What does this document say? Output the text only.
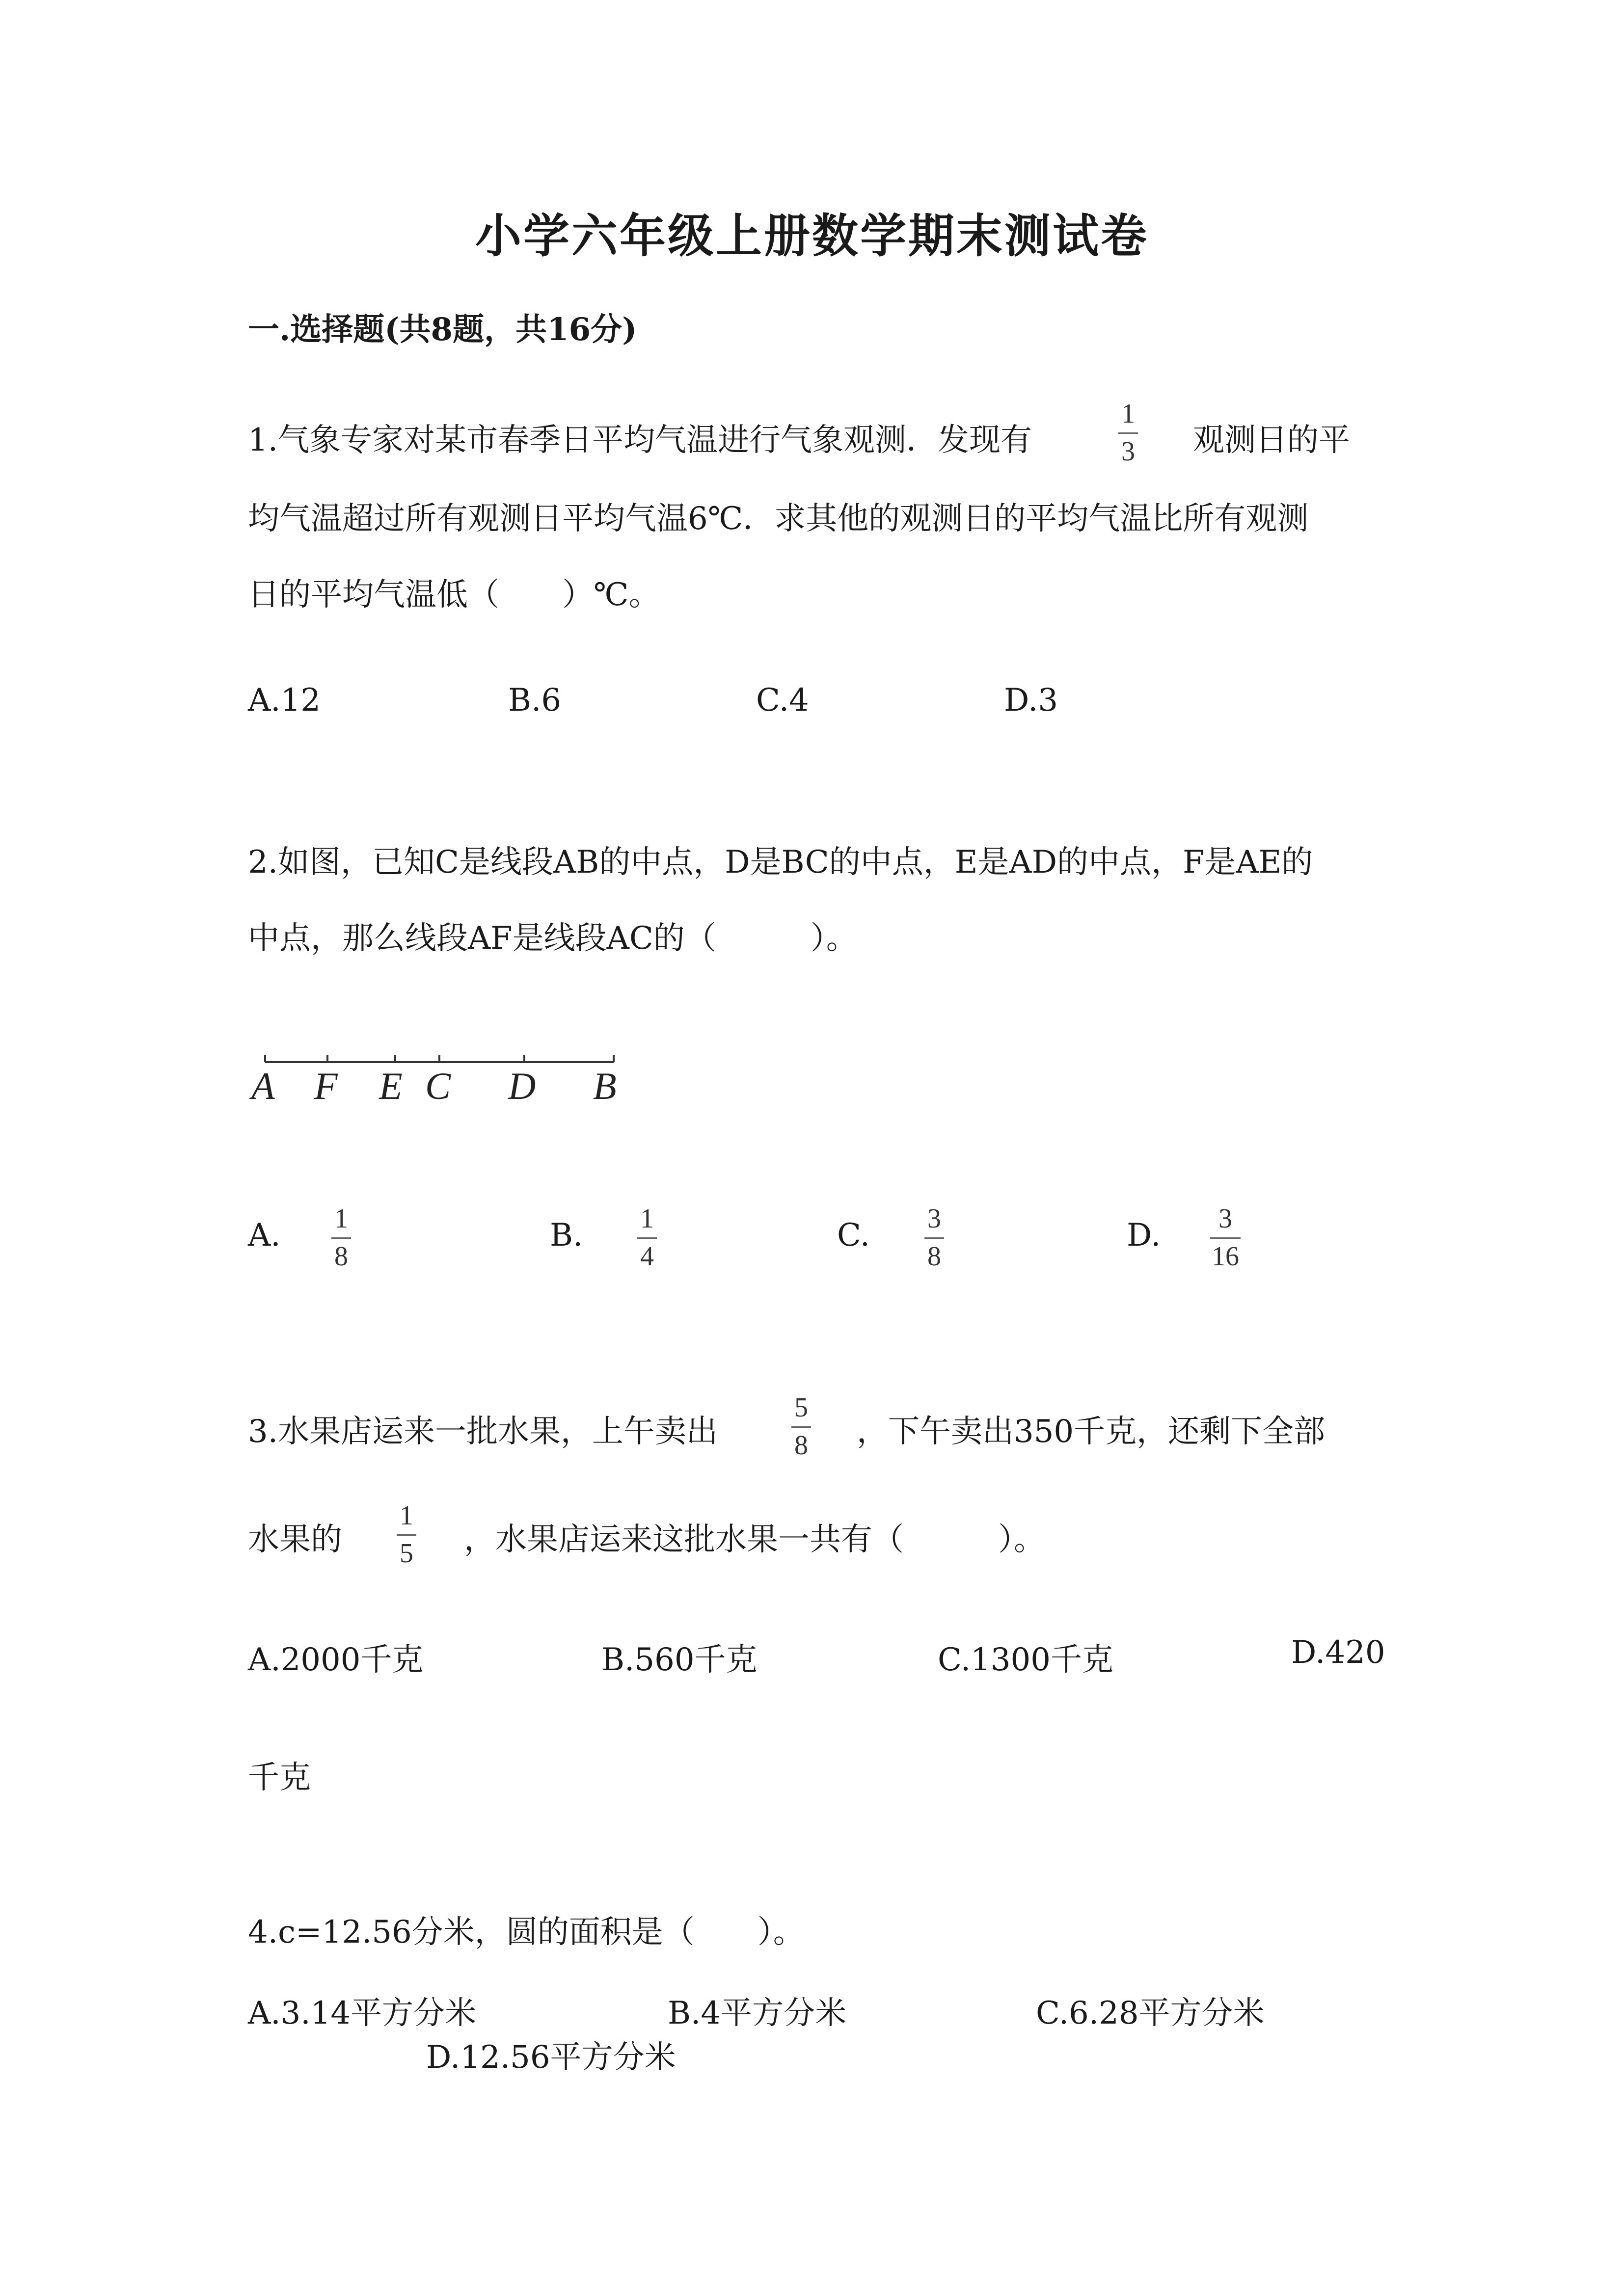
小学六年级上册数学期末测试卷
一.选择题(共8题，共16分)
1.气象专家对某市春季日平均气温进行气象观测．发现有
1
3 观测日的平
均气温超过所有观测日平均气温6℃．求其他的观测日的平均气温比所有观测
日的平均气温低（　　）℃。
A.12	B.6	C.4	D.3
2.如图，已知C是线段AB的中点，D是BC的中点，E是AD的中点，F是AE的
中点，那么线段AF是线段AC的（　　　）。
A F E C D B
A. 1
8
B. 1
4
C. 3
8
D. 3
16
3.水果店运来一批水果，上午卖出
5
8 ，下午卖出350千克，还剩下全部
水果的
1
5 ，水果店运来这批水果一共有（　　　）。
A.2000千克	B.560千克	C.1300千克	D.420
千克
4.c=12.56分米，圆的面积是（　　）。
A.3.14平方分米	B.4平方分米	C.6.28平方分米
D.12.56平方分米
